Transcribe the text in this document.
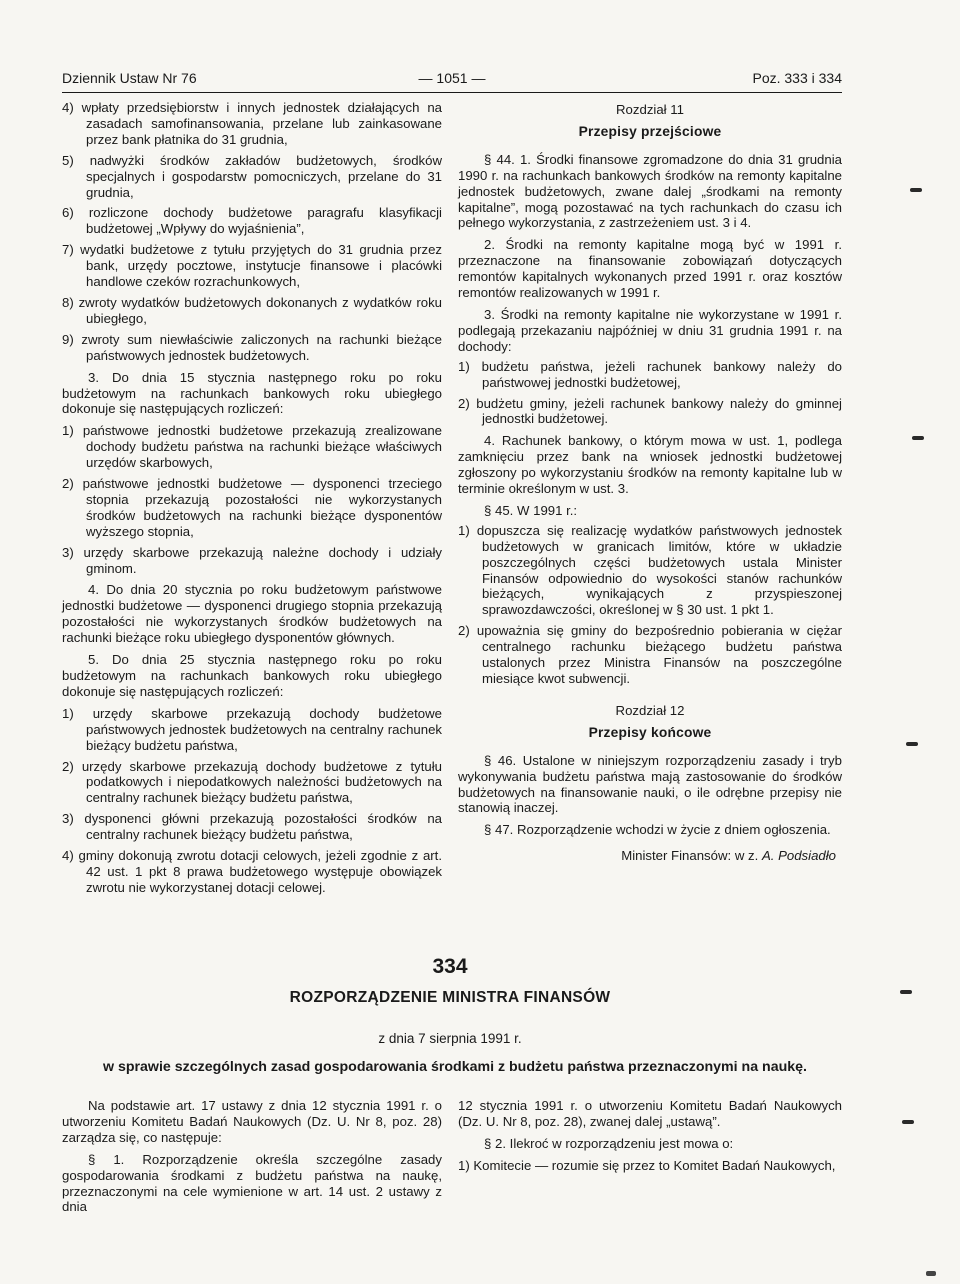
Dziennik Ustaw Nr 76	— 1051 —	Poz. 333 i 334

4) wpłaty przedsiębiorstw i innych jednostek działających na zasadach samofinansowania, przelane lub zainkasowane przez bank płatnika do 31 grudnia,

5) nadwyżki środków zakładów budżetowych, środków specjalnych i gospodarstw pomocniczych, przelane do 31 grudnia,

6) rozliczone dochody budżetowe paragrafu klasyfikacji budżetowej „Wpływy do wyjaśnienia”,

7) wydatki budżetowe z tytułu przyjętych do 31 grudnia przez bank, urzędy pocztowe, instytucje finansowe i placówki handlowe czeków rozrachunkowych,

8) zwroty wydatków budżetowych dokonanych z wydatków roku ubiegłego,

9) zwroty sum niewłaściwie zaliczonych na rachunki bieżące państwowych jednostek budżetowych.

3. Do dnia 15 stycznia następnego roku po roku budżetowym na rachunkach bankowych roku ubiegłego dokonuje się następujących rozliczeń:

1) państwowe jednostki budżetowe przekazują zrealizowane dochody budżetu państwa na rachunki bieżące właściwych urzędów skarbowych,

2) państwowe jednostki budżetowe — dysponenci trzeciego stopnia przekazują pozostałości nie wykorzystanych środków budżetowych na rachunki bieżące dysponentów wyższego stopnia,

3) urzędy skarbowe przekazują należne dochody i udziały gminom.

4. Do dnia 20 stycznia po roku budżetowym państwowe jednostki budżetowe — dysponenci drugiego stopnia przekazują pozostałości nie wykorzystanych środków budżetowych na rachunki bieżące roku ubiegłego dysponentów głównych.

5. Do dnia 25 stycznia następnego roku po roku budżetowym na rachunkach bankowych roku ubiegłego dokonuje się następujących rozliczeń:

1) urzędy skarbowe przekazują dochody budżetowe państwowych jednostek budżetowych na centralny rachunek bieżący budżetu państwa,

2) urzędy skarbowe przekazują dochody budżetowe z tytułu podatkowych i niepodatkowych należności budżetowych na centralny rachunek bieżący budżetu państwa,

3) dysponenci główni przekazują pozostałości środków na centralny rachunek bieżący budżetu państwa,

4) gminy dokonują zwrotu dotacji celowych, jeżeli zgodnie z art. 42 ust. 1 pkt 8 prawa budżetowego występuje obowiązek zwrotu nie wykorzystanej dotacji celowej.

Rozdział 11

Przepisy przejściowe

§ 44. 1. Środki finansowe zgromadzone do dnia 31 grudnia 1990 r. na rachunkach bankowych środków na remonty kapitalne jednostek budżetowych, zwane dalej „środkami na remonty kapitalne”, mogą pozostawać na tych rachunkach do czasu ich pełnego wykorzystania, z zastrzeżeniem ust. 3 i 4.

2. Środki na remonty kapitalne mogą być w 1991 r. przeznaczone na finansowanie zobowiązań dotyczących remontów kapitalnych wykonanych przed 1991 r. oraz kosztów remontów realizowanych w 1991 r.

3. Środki na remonty kapitalne nie wykorzystane w 1991 r. podlegają przekazaniu najpóźniej w dniu 31 grudnia 1991 r. na dochody:

1) budżetu państwa, jeżeli rachunek bankowy należy do państwowej jednostki budżetowej,

2) budżetu gminy, jeżeli rachunek bankowy należy do gminnej jednostki budżetowej.

4. Rachunek bankowy, o którym mowa w ust. 1, podlega zamknięciu przez bank na wniosek jednostki budżetowej zgłoszony po wykorzystaniu środków na remonty kapitalne lub w terminie określonym w ust. 3.

§ 45. W 1991 r.:

1) dopuszcza się realizację wydatków państwowych jednostek budżetowych w granicach limitów, które w układzie poszczególnych części budżetowych ustala Minister Finansów odpowiednio do wysokości stanów rachunków bieżących, wynikających z przyspieszonej sprawozdawczości, określonej w § 30 ust. 1 pkt 1.

2) upoważnia się gminy do bezpośrednio pobierania w ciężar centralnego rachunku bieżącego budżetu państwa ustalonych przez Ministra Finansów na poszczególne miesiące kwot subwencji.

Rozdział 12

Przepisy końcowe

§ 46. Ustalone w niniejszym rozporządzeniu zasady i tryb wykonywania budżetu państwa mają zastosowanie do środków budżetowych na finansowanie nauki, o ile odrębne przepisy nie stanowią inaczej.

§ 47. Rozporządzenie wchodzi w życie z dniem ogłoszenia.

Minister Finansów: w z. A. Podsiadło

334
ROZPORZĄDZENIE MINISTRA FINANSÓW
z dnia 7 sierpnia 1991 r.
w sprawie szczególnych zasad gospodarowania środkami z budżetu państwa przeznaczonymi na naukę.

Na podstawie art. 17 ustawy z dnia 12 stycznia 1991 r. o utworzeniu Komitetu Badań Naukowych (Dz. U. Nr 8, poz. 28) zarządza się, co następuje:

§ 1. Rozporządzenie określa szczególne zasady gospodarowania środkami z budżetu państwa na naukę, przeznaczonymi na cele wymienione w art. 14 ust. 2 ustawy z dnia

12 stycznia 1991 r. o utworzeniu Komitetu Badań Naukowych (Dz. U. Nr 8, poz. 28), zwanej dalej „ustawą”.

§ 2. Ilekroć w rozporządzeniu jest mowa o:

1) Komitecie — rozumie się przez to Komitet Badań Naukowych,
